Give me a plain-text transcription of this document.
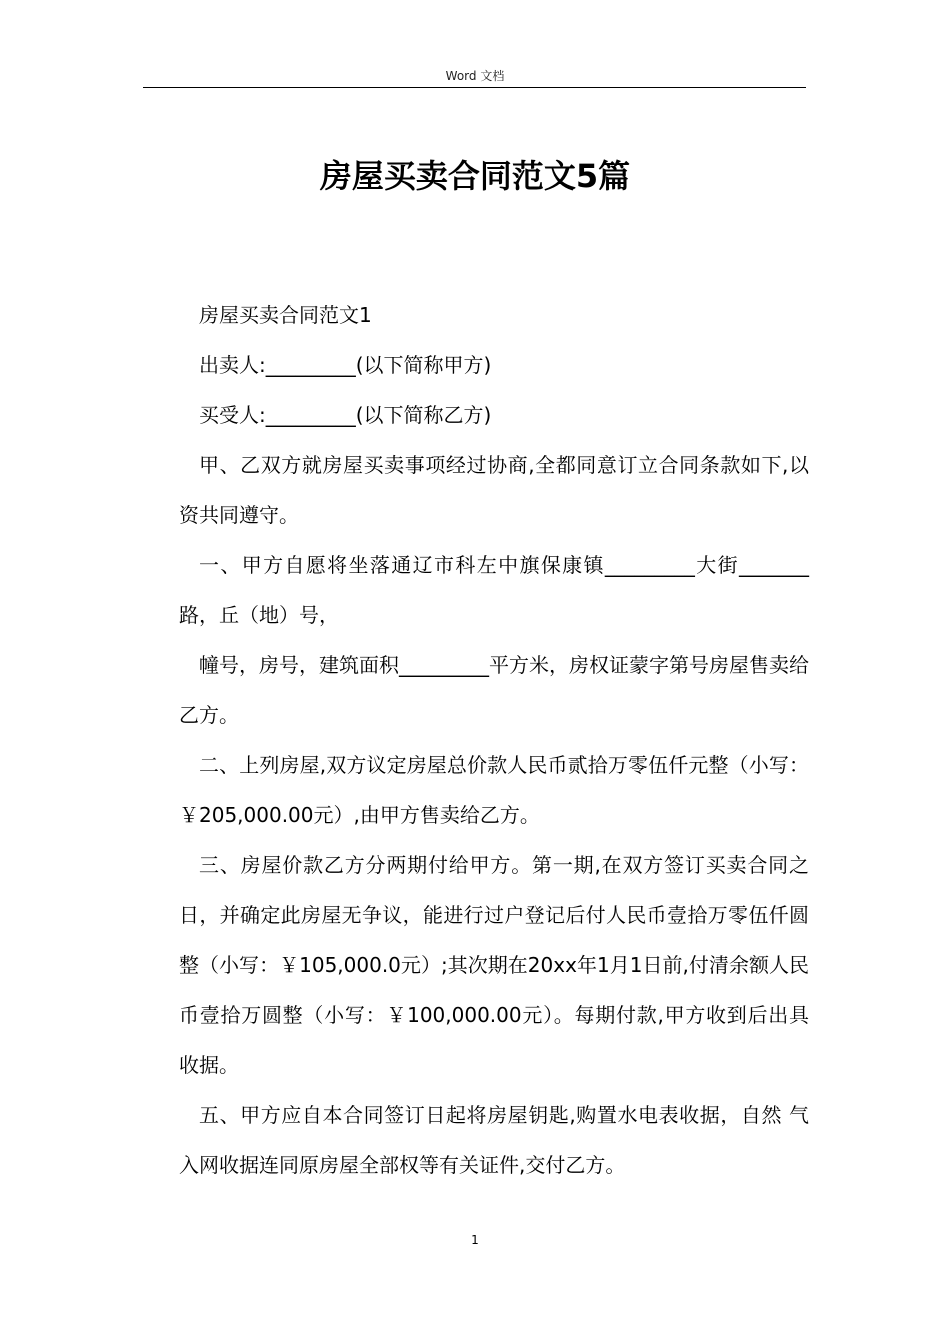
Word 文档
房屋买卖合同范文5篇

房屋买卖合同范文1

出卖人:_________(以下简称甲方)

买受人:_________(以下简称乙方)

甲、乙双方就房屋买卖事项经过协商,全都同意订立合同条款如下,以资共同遵守。

一、甲方自愿将坐落通辽市科左中旗保康镇_________大街_______路，丘（地）号，

幢号，房号，建筑面积_________平方米，房权证蒙字第号房屋售卖给乙方。

二、上列房屋,双方议定房屋总价款人民币贰拾万零伍仟元整（小写：￥205,000.00元）,由甲方售卖给乙方。

三、房屋价款乙方分两期付给甲方。第一期,在双方签订买卖合同之日，并确定此房屋无争议，能进行过户登记后付人民币壹拾万零伍仟圆整（小写：￥105,000.0元）;其次期在20xx年1月1日前,付清余额人民币壹拾万圆整（小写：￥100,000.00元）。每期付款,甲方收到后出具收据。

五、甲方应自本合同签订日起将房屋钥匙,购置水电表收据，自然 气入网收据连同原房屋全部权等有关证件,交付乙方。

1
